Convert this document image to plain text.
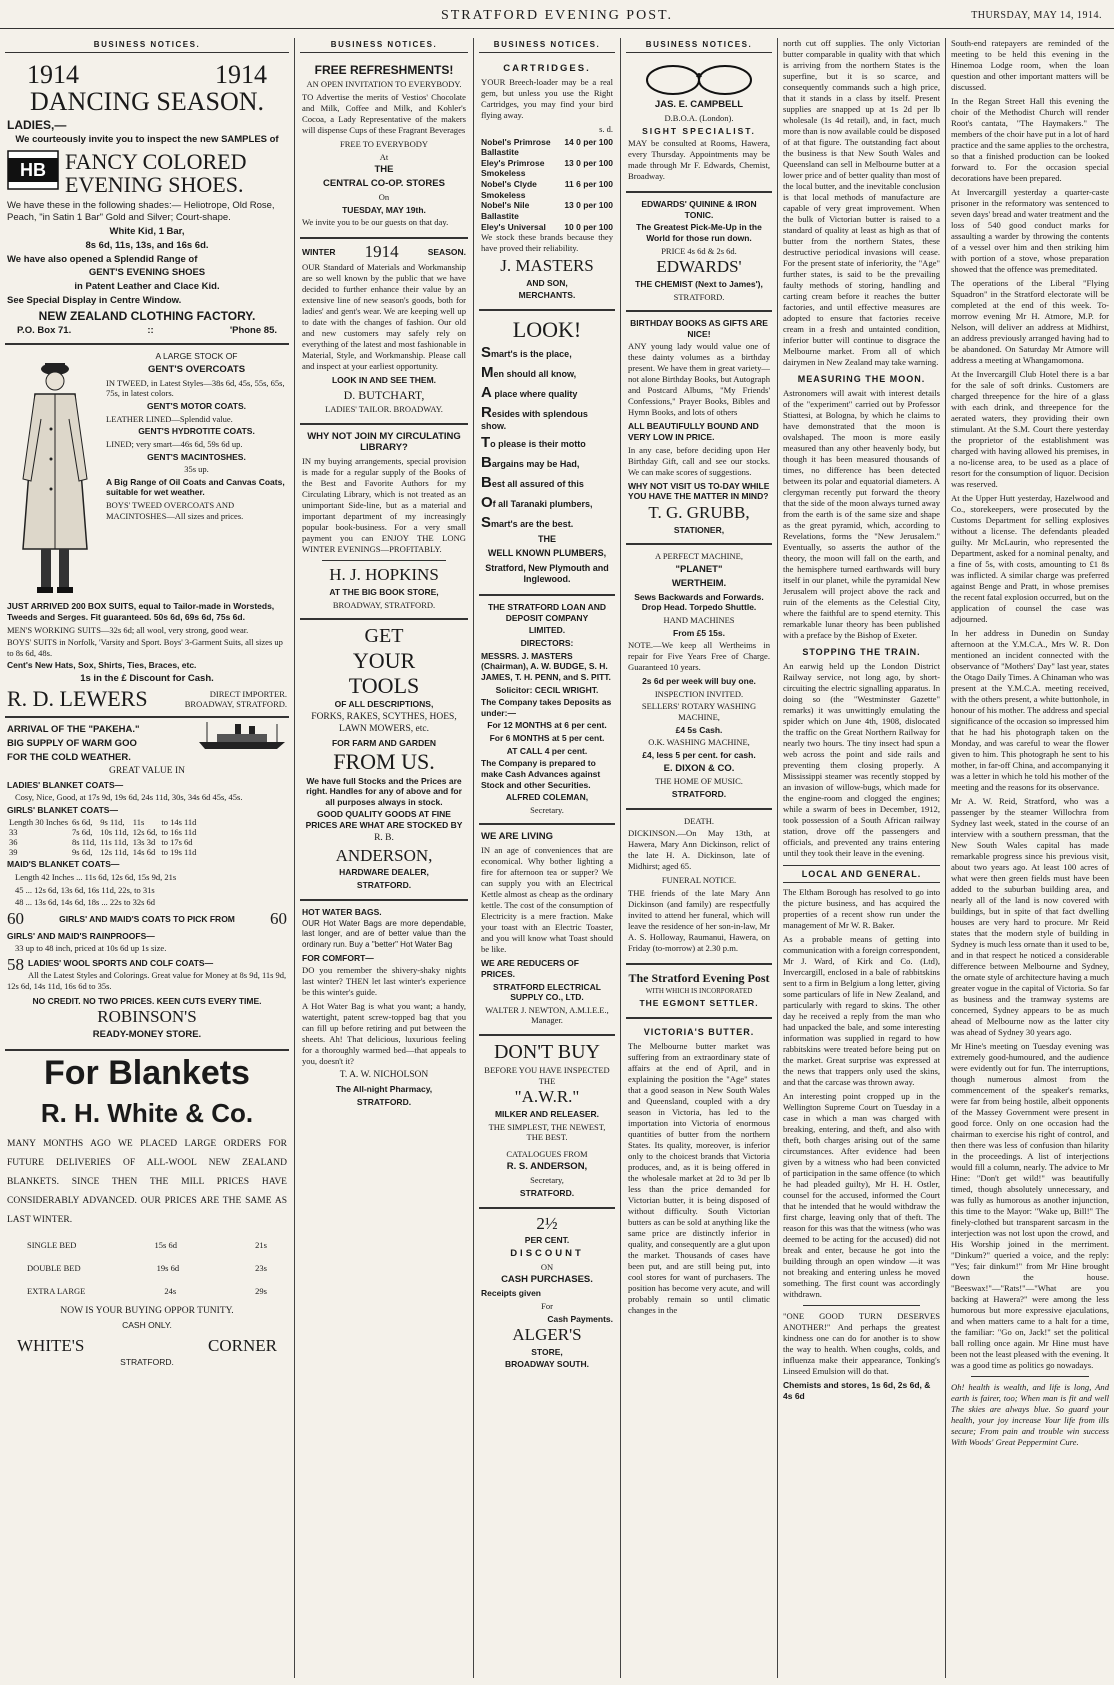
STRATFORD EVENING POST.	THURSDAY, MAY 14, 1914.
BUSINESS NOTICES.
1914	1914
DANCING SEASON.

LADIES,—

We courteously invite you to inspect the new SAMPLES of

HB FANCY COLORED EVENING SHOES.

We have these in the following shades:— Heliotrope, Old Rose, Peach, "in Satin 1 Bar" Gold and Silver; Court-shape.

White Kid, 1 Bar,

8s 6d, 11s, 13s, and 16s 6d.

We have also opened a Splendid Range of

GENT'S EVENING SHOES

in Patent Leather and Clace Kid.

See Special Display in Centre Window.

NEW ZEALAND CLOTHING FACTORY.

P.O. Box 71.	::	'Phone 85.

A LARGE STOCK OF

GENT'S OVERCOATS

IN TWEED, in Latest Styles—38s 6d, 45s, 55s, 65s, 75s, in latest colors.

GENT'S MOTOR COATS.

LEATHER LINED—Splendid value.

GENT'S HYDROTITE COATS.

LINED; very smart—46s 6d, 59s 6d up.

GENT'S MACINTOSHES.

35s up.

A Big Range of Oil Coats and Canvas Coats, suitable for wet weather.

BOYS' TWEED OVERCOATS AND MACINTOSHES—All sizes and prices.

JUST ARRIVED 200 BOX SUITS, equal to Tailor-made in Worsteds, Tweeds and Serges. Fit guaranteed. 50s 6d, 69s 6d, 75s 6d.

MEN'S WORKING SUITS—32s 6d; all wool, very strong, good wear.

BOYS' SUITS in Norfolk, 'Varsity and Sport. Boys' 3-Garment Suits, all sizes up to 8s 6d, 48s.

Cent's New Hats, Sox, Shirts, Ties, Braces, etc.

1s in the £ Discount for Cash.

R. D. LEWERS	DIRECT IMPORTER.
BROADWAY, STRATFORD.

ARRIVAL OF THE "PAKEHA."

BIG SUPPLY OF WARM GOO

FOR THE COLD WEATHER.

GREAT VALUE IN

LADIES' BLANKET COATS—

Cosy, Nice, Good, at 17s 9d, 19s 6d, 24s 11d, 30s, 34s 6d 45s, 45s.

GIRLS' BLANKET COATS—

Length 30 Inches	6s 6d,	9s 11d,	11s	to 14s 11d
33	7s 6d,	10s 11d,	12s 6d,	to 16s 11d
36	8s 11d,	11s 11d,	13s 3d	to 17s 6d
39	9s 6d,	12s 11d,	14s 6d	to 19s 11d

MAID'S BLANKET COATS—

Length 42 Inches ... 11s 6d, 12s 6d, 15s 9d, 21s

45 ... 12s 6d, 13s 6d, 16s 11d, 22s, to 31s

48 ... 13s 6d, 14s 6d, 18s ... 22s to 32s 6d

60	GIRLS' AND MAID'S COATS TO PICK FROM 60

GIRLS' AND MAID'S RAINPROOFS—

33 up to 48 inch, priced at 10s 6d up 1s size.

58 LADIES' WOOL SPORTS AND COLF COATS—

All the Latest Styles and Colorings. Great value for Money at 8s 9d, 11s 9d, 12s 6d, 14s 11d, 16s 6d to 35s.

NO CREDIT. NO TWO PRICES. KEEN CUTS EVERY TIME.

ROBINSON'S

READY-MONEY STORE.

For Blankets
R. H. White & Co.

MANY MONTHS AGO WE PLACED LARGE ORDERS FOR FUTURE DELIVERIES OF ALL-WOOL NEW ZEALAND BLANKETS. SINCE THEN THE MILL PRICES HAVE CONSIDERABLY ADVANCED. OUR PRICES ARE THE SAME AS LAST WINTER.

SINGLE BED	15s 6d	21s
DOUBLE BED	19s 6d	23s
EXTRA LARGE	24s	29s

NOW IS YOUR BUYING OPPOR TUNITY.

CASH ONLY.

WHITE'S	CORNER

STRATFORD.

BUSINESS NOTICES.

FREE REFRESHMENTS!

AN OPEN INVITATION TO EVERYBODY.

TO Advertise the merits of Vestios' Chocolate and Milk, Coffee and Milk, and Kohler's Cocoa, a Lady Representative of the makers will dispense Cups of these Fragrant Beverages

FREE TO EVERYBODY

At

THE

CENTRAL CO-OP. STORES

On

TUESDAY, MAY 19th.

We invite you to be our guests on that day.

WINTER 1914	SEASON.

OUR Standard of Materials and Workmanship are so well known by the public that we have decided to further enhance their value by an extensive line of new season's goods, both for ladies' and gent's wear. We are keeping well up to date with the changes of fashion. Our old and new customers may safely rely on everything of the latest and most fashionable in Material, Style, and Workmanship. Please call and inspect at your earliest opportunity.

LOOK IN AND SEE THEM.

D. BUTCHART,

LADIES' TAILOR. BROADWAY.

WHY NOT JOIN MY CIRCULATING LIBRARY?

IN my buying arrangements, special provision is made for a regular supply of the Books of the Best and Favorite Authors for my Circulating Library, which is not treated as an unimportant Side-line, but as a material and important department of my increasingly popular book-business. For a very small payment you can ENJOY THE LONG WINTER EVENINGS—PROFITABLY.

H. J. HOPKINS

AT THE BIG BOOK STORE,

BROADWAY, STRATFORD.

GET

YOUR

TOOLS

OF ALL DESCRIPTIONS,

FORKS, RAKES, SCYTHES, HOES, LAWN MOWERS, etc.

FOR FARM AND GARDEN

FROM US.

We have full Stocks and the Prices are right. Handles for any of above and for all purposes always in stock.

GOOD QUALITY GOODS AT FINE PRICES ARE WHAT ARE STOCKED BY

R. B.

ANDERSON,

HARDWARE DEALER,

STRATFORD.

HOT WATER BAGS.

OUR Hot Water Bags are more dependable, last longer, and are of better value than the ordinary run. Buy a "better" Hot Water Bag

FOR COMFORT—

DO you remember the shivery-shaky nights last winter? THEN let last winter's experience be this winter's guide.

A Hot Water Bag is what you want; a handy, watertight, patent screw-topped bag that you can fill up before retiring and put between the sheets. Ah! That delicious, luxurious feeling for a thoroughly warmed bed—that appeals to you, doesn't it?

T. A. W. NICHOLSON

The All-night Pharmacy,

STRATFORD.

BUSINESS NOTICES.

CARTRIDGES.

YOUR Breech-loader may be a real gem, but unless you use the Right Cartridges, you may find your bird flying away.

s. d.

Nobel's Primrose Ballastite
14 0 per 100
Eley's Primrose Smokeless
13 0 per 100
Nobel's Clyde Smokeless
11 6 per 100
Nobel's Nile Ballastite
13 0 per 100
Eley's Universal 10 0 per 100

We stock these brands because they have proved their reliability.

J. MASTERS

AND SON,

MERCHANTS.

LOOK!

Smart's is the place,

Men should all know,

A place where quality

Resides with splendous show.

To please is their motto

Bargains may be Had,

Best all assured of this

Of all Taranaki plumbers,

Smart's are the best.

THE

WELL KNOWN PLUMBERS,

Stratford, New Plymouth and Inglewood.

THE STRATFORD LOAN AND DEPOSIT COMPANY

LIMITED.

DIRECTORS:

MESSRS. J. MASTERS (Chairman), A. W. BUDGE, S. H. JAMES, T. H. PENN, and S. PITT.

Solicitor: CECIL WRIGHT.

The Company takes Deposits as under:—

For 12 MONTHS at 6 per cent.

For 6 MONTHS at 5 per cent.

AT CALL 4 per cent.

The Company is prepared to make Cash Advances against Stock and other Securities.

ALFRED COLEMAN,

Secretary.

WE ARE LIVING

IN an age of conveniences that are economical. Why bother lighting a fire for afternoon tea or supper? We can supply you with an Electrical Kettle almost as cheap as the ordinary kettle. The cost of the consumption of Electricity is a mere fraction. Make your toast with an Electric Toaster, and you will know what Toast should be like.

WE ARE REDUCERS OF PRICES.

STRATFORD ELECTRICAL SUPPLY CO., LTD.

WALTER J. NEWTON, A.M.I.E.E., Manager.

DON'T BUY

BEFORE YOU HAVE INSPECTED THE

"A.W.R."

MILKER AND RELEASER.

THE SIMPLEST, THE NEWEST, THE BEST.

CATALOGUES FROM

R. S. ANDERSON,

Secretary,

STRATFORD.

2½

PER CENT.

DISCOUNT

ON

CASH PURCHASES.

Receipts given

For

Cash Payments.

ALGER'S

STORE,

BROADWAY SOUTH.

BUSINESS NOTICES.

JAS. E. CAMPBELL

D.B.O.A. (London).

SIGHT SPECIALIST.

MAY be consulted at Rooms, Hawera, every Thursday. Appointments may be made through Mr F. Edwards, Chemist, Broadway.

EDWARDS' QUININE & IRON TONIC.

The Greatest Pick-Me-Up in the World for those run down.

PRICE 4s 6d & 2s 6d.

EDWARDS'

THE CHEMIST (Next to James'),

STRATFORD.

BIRTHDAY BOOKS AS GIFTS ARE NICE!

ANY young lady would value one of these dainty volumes as a birthday present. We have them in great variety—not alone Birthday Books, but Autograph and Postcard Albums, "My Friends' Confessions," Prayer Books, Bibles and Hymn Books, and lots of others

ALL BEAUTIFULLY BOUND AND VERY LOW IN PRICE.

In any case, before deciding upon Her Birthday Gift, call and see our stocks. We can make scores of suggestions.

WHY NOT VISIT US TO-DAY WHILE YOU HAVE THE MATTER IN MIND?

T. G. GRUBB,

STATIONER,

A PERFECT MACHINE,

"PLANET"

WERTHEIM.

Sews Backwards and Forwards. Drop Head. Torpedo Shuttle.

HAND MACHINES

From £5 15s.

NOTE.—We keep all Wertheims in repair for Five Years Free of Charge. Guaranteed 10 years.

2s 6d per week will buy one.

INSPECTION INVITED.

SELLERS' ROTARY WASHING MACHINE,

£4 5s Cash.

O.K. WASHING MACHINE,

£4, less 5 per cent. for cash.

E. DIXON & CO.

THE HOME OF MUSIC.

STRATFORD.

DEATH.

DICKINSON.—On May 13th, at Hawera, Mary Ann Dickinson, relict of the late H. A. Dickinson, late of Midhirst; aged 65.

FUNERAL NOTICE.

THE friends of the late Mary Ann Dickinson (and family) are respectfully invited to attend her funeral, which will leave the residence of her son-in-law, Mr A. S. Holloway, Raumanui, Hawera, on Friday (to-morrow) at 2.30 p.m.

The Stratford Evening Post

WITH WHICH IS INCORPORATED

THE EGMONT SETTLER.

VICTORIA'S BUTTER.

The Melbourne butter market was suffering from an extraordinary state of affairs at the end of April, and in explaining the position the "Age" states that a good season in New South Wales and Queensland, coupled with a dry season in Victoria, has led to the importation into Victoria of enormous quantities of butter from the northern States. Its quality, moreover, is inferior only to the choicest brands that Victoria produces, and, as it is being offered in the wholesale market at 2d to 3d per lb less than the price demanded for Victorian butter, it is being disposed of without difficulty. South Victorian butters as can be sold at anything like the same price are distinctly inferior in quality, and consequently are a glut upon the market. Thousands of cases have been put, and are still being put, into cool stores for want of purchasers. The position has become very acute, and will probably remain so until climatic changes in the

north cut off supplies. The only Victorian butter comparable in quality with that which is arriving from the northern States is the superfine, but it is so scarce, and consequently commands such a high price, that it stands in a class by itself. Present supplies are snapped up at 1s 2d per lb wholesale (1s 4d retail), and, in fact, much more than is now available could be disposed of at that figure. The outstanding fact about the business is that New South Wales and Queensland can sell in Melbourne butter at a lower price and of better quality than most of the local butter, and the inevitable conclusion is that local methods of manufacture are capable of very great improvement. When the bulk of Victorian butter is raised to a standard of quality at least as high as that of butter from the northern States, these destructive periodical invasions will cease. For the present state of inferiority, the "Age" further states, is said to be the prevailing faulty methods of storing, handling and carting cream before it reaches the butter factories, and until effective measures are adopted to ensure that factories receive cream in a fresh and untainted condition, inferior butter will continue to disgrace the Melbourne market. From all of which dairymen in New Zealand may take warning.

MEASURING THE MOON.

Astronomers will await with interest details of the "experiment" carried out by Professor Stiattesi, at Bologna, by which he claims to have demonstrated that the moon is ovalshaped. The moon is more easily measured than any other heavenly body, but though it has been measured thousands of times, no difference has been detected between its polar and equatorial diameters. A clergyman recently put forward the theory that the side of the moon always turned away from the earth is of the same size and shape as the great pyramid, which, according to Revelations, forms the "New Jerusalem." Eventually, so asserts the author of the theory, the moon will fall on the earth, and the hemisphere turned earthwards will bury itself in our planet, while the pyramidal New Jerusalem will project above the rack and ruin of the elements as the Celestial City, where the faithful are to spend eternity. This remarkable lunar theory has been published with a preface by the Bishop of Exeter.

STOPPING THE TRAIN.

An earwig held up the London District Railway service, not long ago, by short-circuiting the electric signalling apparatus. In doing so (the "Westminster Gazette" remarks) it was unwittingly emulating the spider which on June 4th, 1908, dislocated the traffic on the Great Northern Railway for nearly two hours. The tiny insect had spun a web across the point and side rails and preventing them closing properly. A Mississippi steamer was recently stopped by an invasion of willow-bugs, which made for the engine-room and clogged the engines; while a swarm of bees in December, 1912, took possession of a South African railway station, drove off the passengers and officials, and prevented any trains entering until they took their leave in the evening.

LOCAL AND GENERAL.

The Eltham Borough has resolved to go into the picture business, and has acquired the properties of a recent show run under the management of Mr W. R. Baker.

As a probable means of getting into communication with a foreign correspondent, Mr J. Ward, of Kirk and Co. (Ltd), Invercargill, enclosed in a bale of rabbitskins sent to a firm in Belgium a long letter, giving some particulars of life in New Zealand, and particularly with regard to skins. The other day he received a reply from the man who had unpacked the bale, and some interesting information was supplied in regard to how rabbitskins were treated before being put on the market. Great surprise was expressed at the news that trappers only used the skins, and that the carcase was thrown away.

An interesting point cropped up in the Wellington Supreme Court on Tuesday in a case in which a man was charged with breaking, entering, and theft, and also with theft, both charges arising out of the same circumstances. After evidence had been given by a witness who had been convicted of participation in the same offence (to which he had pleaded guilty), Mr H. H. Ostler, counsel for the accused, informed the Court that he intended that he would withdraw the first charge, leaving only that of theft. The reason for this was that the witness (who was deemed to be acting for the accused) did not break and enter, because he got into the building through an open window —it was not breaking and entering unless he moved something. The first count was accordingly withdrawn.

"ONE GOOD TURN DESERVES ANOTHER!" And perhaps the greatest kindness one can do for another is to show the way to health. When coughs, colds, and influenza make their appearance, Tonking's Linseed Emulsion will do that.

Chemists and stores, 1s 6d, 2s 6d, & 4s 6d

South-end ratepayers are reminded of the meeting to be held this evening in the Hinemoa Lodge room, when the loan question and other important matters will be discussed.

In the Regan Street Hall this evening the choir of the Methodist Church will render Root's cantata, "The Haymakers." The members of the choir have put in a lot of hard practice and the same applies to the orchestra, so that a finished production can be looked forward to. For the occasion special decorations have been prepared.

At Invercargill yesterday a quarter-caste prisoner in the reformatory was sentenced to seven days' bread and water treatment and the loss of 540 good conduct marks for assaulting a warder by throwing the contents of a vessel over him and then striking him with portion of a stove, whose preparation showed that the offence was premeditated.

The operations of the Liberal "Flying Squadron" in the Stratford electorate will be completed at the end of this week. To-morrow evening Mr H. Atmore, M.P. for Nelson, will deliver an address at Midhirst, an address previously arranged having had to be abandoned. On Saturday Mr Atmore will address a meeting at Whangamomona.

At the Invercargill Club Hotel there is a bar for the sale of soft drinks. Customers are charged threepence for the hire of a glass with each drink, and threepence for the aerated waters, they providing their own stimulant. At the S.M. Court there yesterday the proprietor of the establishment was charged with having allowed his premises, in a no-license area, to be used as a place of resort for the consumption of liquor. Decision was reserved.

At the Upper Hutt yesterday, Hazelwood and Co., storekeepers, were prosecuted by the Customs Department for selling explosives without a license. The defendants pleaded guilty. Mr McLaurin, who represented the Department, asked for a nominal penalty, and a fine of 5s, with costs, amounting to £1 8s was inflicted. A similar charge was preferred against Benge and Pratt, in whose premises the recent fatal explosion occurred, but on the application of counsel the case was adjourned.

In her address in Dunedin on Sunday afternoon at the Y.M.C.A., Mrs W. R. Don mentioned an incident connected with the observance of "Mothers' Day" last year, states the Otago Daily Times. A Chinaman who was present at the Y.M.C.A. meeting received, with the others present, a white buttonhole, in honour of his mother. The address and special significance of the occasion so impressed him that he had his photograph taken on the Monday, and was careful to wear the flower given to him. This photograph he sent to his mother, in far-off China, and accompanying it was a letter in which he told his mother of the meeting and the reasons for its observance.

Mr A. W. Reid, Stratford, who was a passenger by the steamer Willochra from Sydney last week, stated in the course of an interview with a southern pressman, that the New South Wales capital has made remarkable progress since his previous visit, about two years ago. At least 100 acres of what were then green fields must have been added to the suburban building area, and nearly all of the land is now covered with buildings, but in spite of that fact dwelling houses are very hard to procure. Mr Reid states that the modern style of building in Sydney is much less ornate than it used to be, and in that respect he noticed a considerable difference between Melbourne and Sydney, the ornate style of architecture having a much greater vogue in the capital of Victoria. So far as business and the tramway systems are concerned, Sydney appears to be as much ahead of Melbourne now as the latter city was ahead of Sydney 30 years ago.

Mr Hine's meeting on Tuesday evening was extremely good-humoured, and the audience were evidently out for fun. The interruptions, though numerous almost from the commencement of the speaker's remarks, were far from being hostile, albeit opponents of the Massey Government were present in good force. Only on one occasion had the chairman to exercise his right of control, and then there was less of confusion than hilarity in the proceedings. A list of interjections would fill a column, nearly. The advice to Mr Hine: "Don't get wild!" was beautifully timed, though absolutely unnecessary, and was fully as humorous as another injunction, this time to the Mayor: "Wake up, Bill!" The finely-clothed but transparent sarcasm in the interjection was not lost upon the crowd, and His Worship joined in the merriment. "Dinkum?" queried a voice, and the reply: "Yes; fair dinkum!" from Mr Hine brought down the house. "Beeswax!"—"Rats!"—"What are you backing at Hawera?" were among the less humorous but more expressive ejaculations, and when matters came to a halt for a time, the familiar: "Go on, Jack!" set the political ball rolling once again. Mr Hine must have been not the least pleased with the evening. It was a good time as politics go nowadays.

Oh! health is wealth, and life is long, And earth is fairer, too; When man is fit and well The skies are always blue. So guard your health, your joy increase Your life from ills secure; From pain and trouble win success With Woods' Great Peppermint Cure.
